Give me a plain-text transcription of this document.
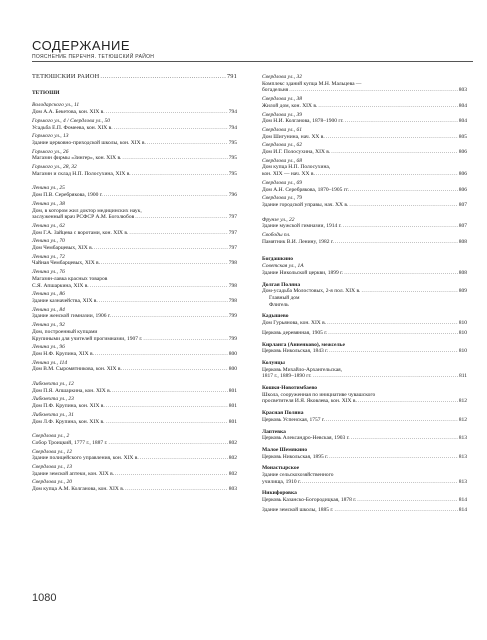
СОДЕРЖАНИЕ
ПОЯСНЕНИЕ ПЕРЕЧНЯ. ТЕТЮШСКИЙ РАЙОН
ТЕТЮШСКИЙ РАЙОН .....	791
ТЕТЮШИ
Володарского ул., 11
Дом А.А. Бекетова, кон. XIX в. .....	794
Горького ул., 4 / Свердлова ул., 50
Усадьба Е.П. Фомеева, кон. XIX в. .....	794
Горького ул., 13
Здание церковно-приходской школы, кон. XIX в. .....	795
Горького ул., 26
Магазин фирмы «Зингер», кон. XIX в. .....	795
Горького ул., 28, 32
Магазин и склад Н.П. Полосухина, XIX в. .....	795
Ленина ул., 25
Дом П.В. Серебрякова, 1900 г. .....	796
Ленина ул., 38
Дом, в котором жил доктор медицинских наук,
заслуженный врач РСФСР А.М. Боголюбов .....	797
Ленина ул., 62
Дом Г.А. Зайцева с воротами, кон. XIX в. .....	797
Ленина ул., 70
Дом Чембарцевых, XIX в. .....	797
Ленина ул., 72
Чайная Чембарцевых, XIX в. .....	798
Ленина ул., 76
Магазин-лавка красных товаров
С.Я. Апшаркина, XIX в. .....	798
Ленина ул., 86
Здание казначейства, XIX в. .....	798
Ленина ул., 84
Здание женской гимназии, 1906 г. .....	799
Ленина ул., 92
Дом, построенный купцами
Крупиными для учителей прогимназии, 1907 г. .....	799
Ленина ул., 96
Дом Н.Ф. Крупина, XIX в. .....	800
Ленина ул., 114
Дом В.М. Сыромятникова, кон. XIX в. .....	800
Либкнехта ул., 12
Дом П.Я. Апшаркина, кон. XIX в. .....	801
Либкнехта ул., 23
Дом П.Ф. Крупина, кон. XIX в. .....	801
Либкнехта ул., 31
Дом Л.Ф. Крупина, кон. XIX в. .....	801
Свердлова ул., 2
Собор Троицкий, 1777 г., 1887 г. .....	802
Свердлова ул., 12
Здание полицейского управления, кон. XIX в. .....	802
Свердлова ул., 13
Здание земской аптеки, кон. XIX в. .....	802
Свердлова ул., 20
Дом купца А.М. Колганова, кон. XIX в. .....	803
Свердлова ул., 32
Комплекс зданий купца М.Н. Мальцева —
богадельня .....	803
Свердлова ул., 38
Жилой дом, кон. XIX в. .....	804
Свердлова ул., 39
Дом Н.И. Колганова, 1878–1900 гг. .....	804
Свердлова ул., 61
Дом Шигунина, нач. XX в. .....	805
Свердлова ул., 62
Дом И.Г. Полосухина, XIX в. .....	806
Свердлова ул., 68
Дом купца Н.П. Полосухина,
кон. XIX — нач. XX в. .....	806
Свердлова ул., 69
Дом А.Н. Серебрякова, 1870–1905 гг. .....	806
Свердлова ул., 79
Здание городской управы, нач. XX в. .....	807
Фрунзе ул., 22
Здание мужской гимназии, 1914 г. .....	807
Свободы пл.
Памятник В.И. Ленину, 1982 г. .....	808
Богдашкино
Советская ул., 1А
Здание Никольской церкви, 1899 г. .....	808
Долгая Поляна
Дом-усадьба Молостовых, 2-я пол. XIX в. .....	809
Главный дом
Флигель
Кадышево
Дом Гурьянова, кон. XIX в. .....	810
Церковь деревянная, 1905 г. .....	810
Кирланга (Анненково), межселье
Церковь Никольская, 1843 г. .....	810
Колунцы
Церковь Михайло-Архангельская,
1817 г., 1889–1890 гг. .....	811
Кошки-Новотимбаево
Школа, сооруженная по инициативе чувашского
просветителя И.Я. Яковлева, кон. XIX в. .....	812
Красная Поляна
Церковь Успенская, 1757 г. .....	812
Лаптевка
Церковь Александро-Невская, 1903 г. .....	813
Малое Шемякино
Церковь Никольская, 1895 г. .....	813
Монастырское
Здание сельскохозяйственного
училища, 1910 г. .....	813
Никифоровка
Церковь Казанско-Богородицкая, 1878 г. .....	814
Здание земской школы, 1885 г. .....	814
1080
